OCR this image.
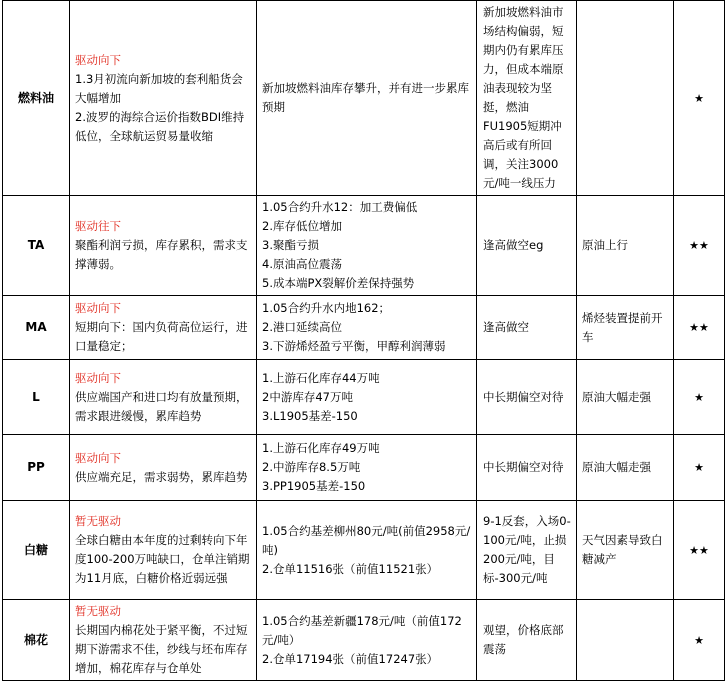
燃料油	驱动向下
1.3月初流向新加坡的套利船货会大幅增加
2.波罗的海综合运价指数BDI维持低位，全球航运贸易量收缩	新加坡燃料油库存攀升，并有进一步累库预期	新加坡燃料油市场结构偏弱，短期内仍有累库压力，但成本端原油表现较为坚挺，燃油FU1905短期冲高后或有所回调，关注3000元/吨一线压力		★
TA	驱动往下
聚酯利润亏损，库存累积，需求支撑薄弱。	1.05合约升水12：加工费偏低
2.库存低位增加
3.聚酯亏损
4.原油高位震荡
5.成本端PX裂解价差保持强势	逢高做空eg	原油上行	★★
MA	驱动向下
短期向下：国内负荷高位运行，进口量稳定；	1.05合约升水内地162；
2.港口延续高位
3.下游烯烃盈亏平衡，甲醇利润薄弱	逢高做空	烯烃装置提前开车	★★
L	驱动向下
供应端国产和进口均有放量预期，需求跟进缓慢，累库趋势	1.上游石化库存44万吨
2中游库存47万吨
3.L1905基差-150	中长期偏空对待	原油大幅走强	★
PP	驱动向下
供应端充足，需求弱势，累库趋势	1.上游石化库存49万吨
2.中游库存8.5万吨
3.PP1905基差-150	中长期偏空对待	原油大幅走强	★
白糖	暂无驱动
全球白糖由本年度的过剩转向下年度100-200万吨缺口，仓单注销期为11月底，白糖价格近弱远强	1.05合约基差柳州80元/吨(前值2958元/吨)
2.仓单11516张（前值11521张）	9-1反套，入场0-100元/吨，止损200元/吨，目标-300元/吨	天气因素导致白糖减产	★★
棉花	暂无驱动
长期国内棉花处于紧平衡，不过短期下游需求不佳，纱线与坯布库存增加，棉花库存与仓单处	1.05合约基差新疆178元/吨（前值172元/吨）
2.仓单17194张（前值17247张）	观望，价格底部震荡		★
